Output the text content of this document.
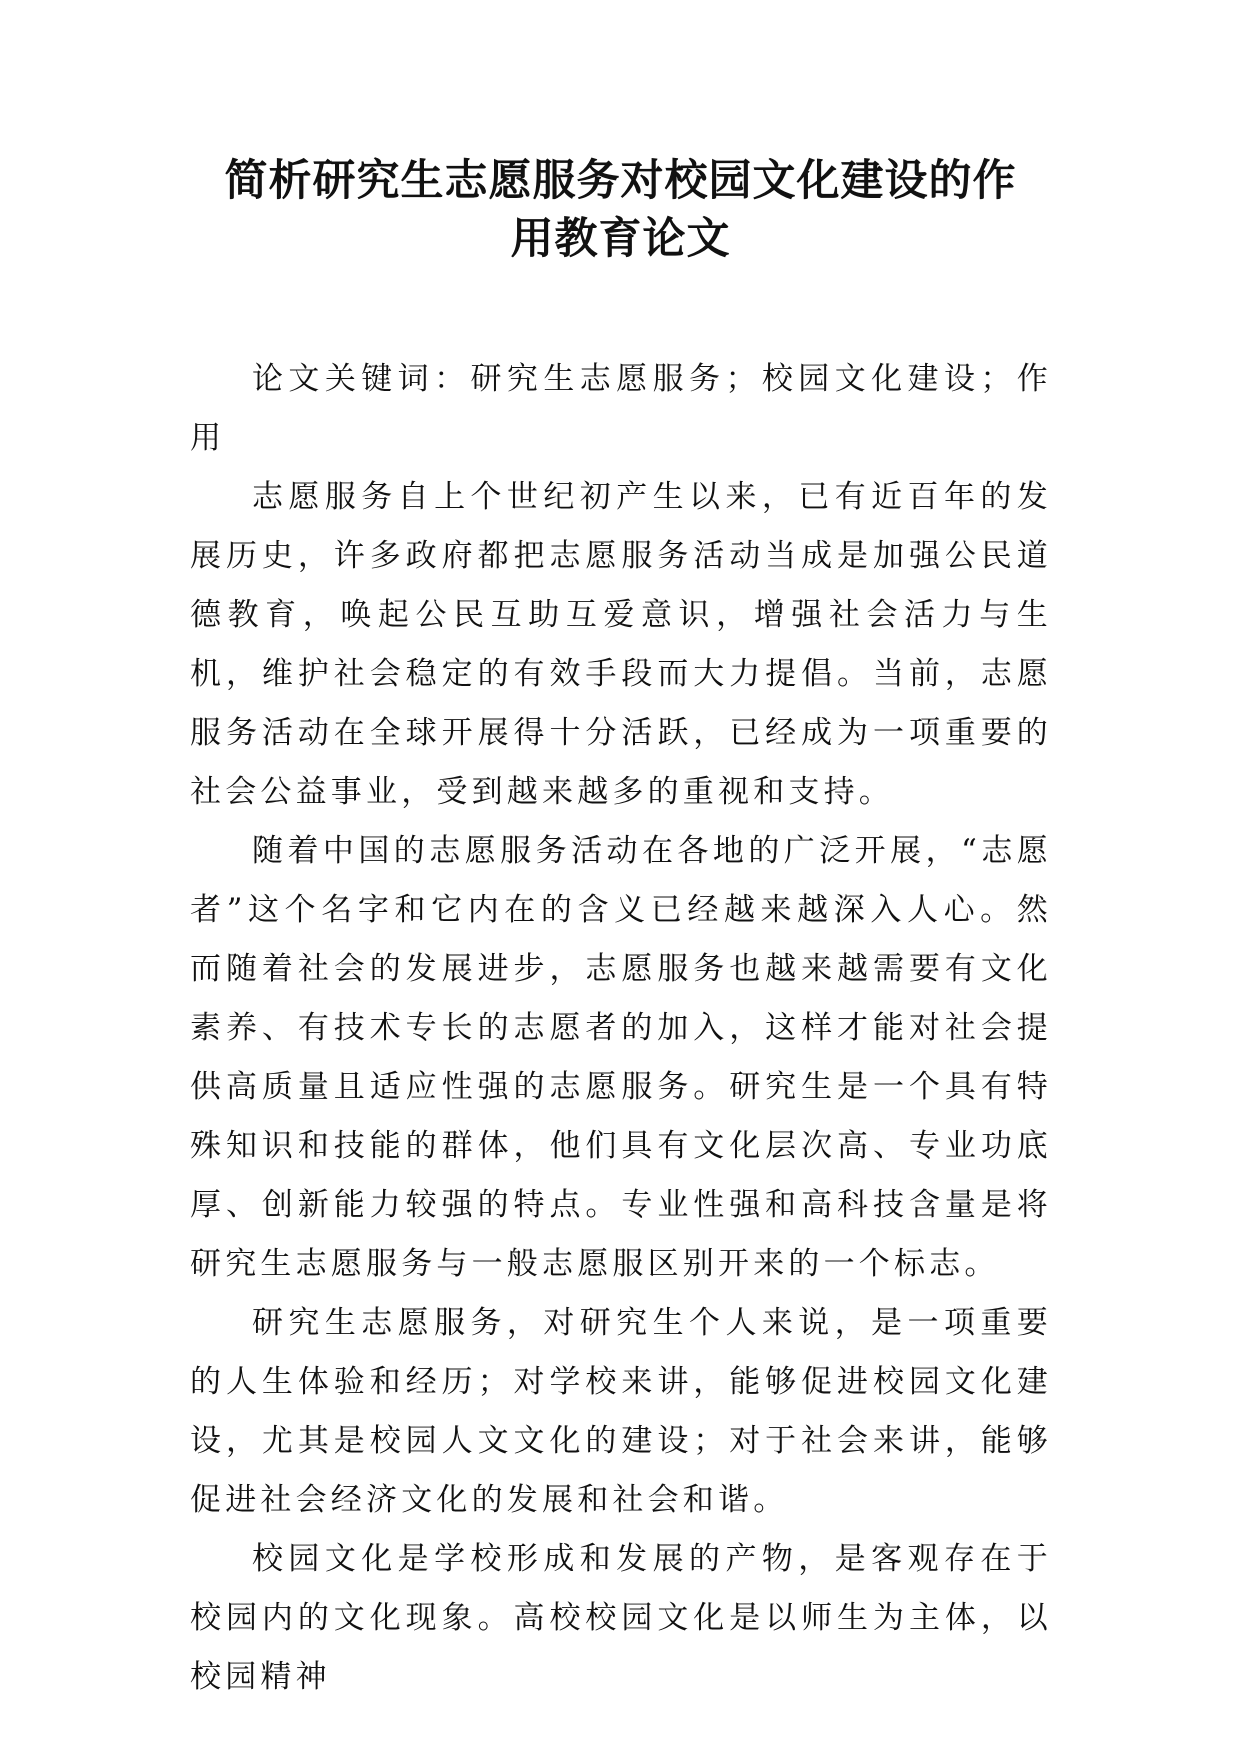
简析研究生志愿服务对校园文化建设的作
用教育论文

论文关键词：研究生志愿服务；校园文化建设；作用

志愿服务自上个世纪初产生以来，已有近百年的发展历史，许多政府都把志愿服务活动当成是加强公民道德教育，唤起公民互助互爱意识，增强社会活力与生机，维护社会稳定的有效手段而大力提倡。当前，志愿服务活动在全球开展得十分活跃，已经成为一项重要的社会公益事业，受到越来越多的重视和支持。

随着中国的志愿服务活动在各地的广泛开展，“志愿者”这个名字和它内在的含义已经越来越深入人心。然而随着社会的发展进步，志愿服务也越来越需要有文化素养、有技术专长的志愿者的加入，这样才能对社会提供高质量且适应性强的志愿服务。研究生是一个具有特殊知识和技能的群体，他们具有文化层次高、专业功底厚、创新能力较强的特点。专业性强和高科技含量是将研究生志愿服务与一般志愿服区别开来的一个标志。

研究生志愿服务，对研究生个人来说，是一项重要的人生体验和经历；对学校来讲，能够促进校园文化建设，尤其是校园人文文化的建设；对于社会来讲，能够促进社会经济文化的发展和社会和谐。

校园文化是学校形成和发展的产物，是客观存在于校园内的文化现象。高校校园文化是以师生为主体，以校园精神
